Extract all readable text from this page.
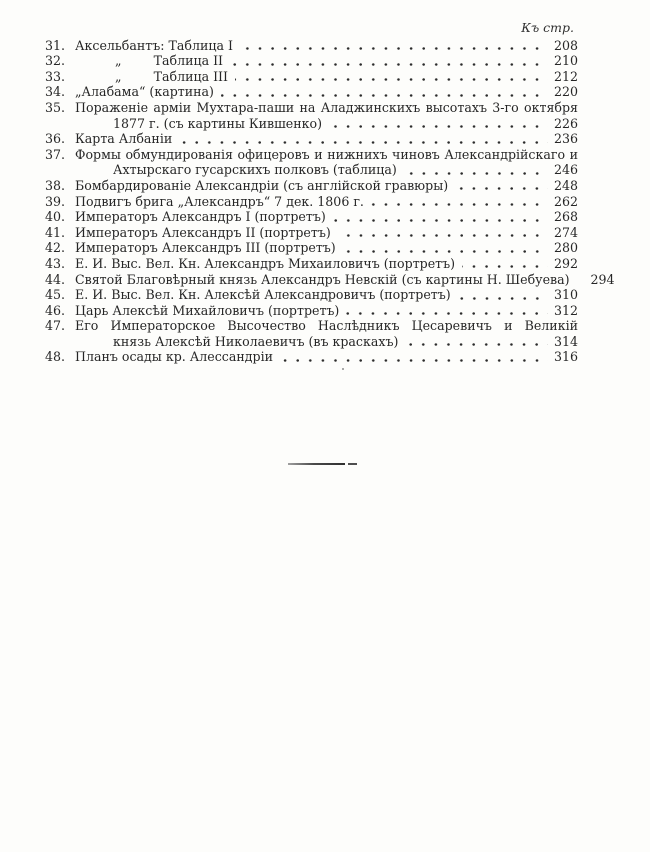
Къ стр.
31. Аксельбантъ: Таблица I	208
32. „        Таблица II	210
33. „        Таблица III	212
34. „Алабама“ (картина)	220
35. Пораженіе арміи Мухтара-паши на Аладжинскихъ высотахъ 3-го октября
1877 г. (съ картины Кившенко)	226
36. Карта Албаніи	236
37. Формы обмундированія офицеровъ и нижнихъ чиновъ Александрійскаго и
Ахтырскаго гусарскихъ полковъ (таблица)	246
38. Бомбардированіе Александріи (съ англійской гравюры)	248
39. Подвигъ брига „Александръ“ 7 дек. 1806 г.	262
40. Императоръ Александръ I (портретъ)	268
41. Императоръ Александръ II (портретъ)	274
42. Императоръ Александръ III (портретъ)	280
43. Е. И. Выс. Вел. Кн. Александръ Михаиловичъ (портретъ)	292
44. Святой Благовѣрный князь Александръ Невскій (съ картины Н. Шебуева) 294
45. Е. И. Выс. Вел. Кн. Алексѣй Александровичъ (портретъ)	310
46. Царь Алексѣй Михайловичъ (портретъ)	312
47. Его Императорское Высочество Наслѣдникъ Цесаревичъ и Великій
князь Алексѣй Николаевичъ (въ краскахъ)	314
48. Планъ осады кр. Алессандріи	316
